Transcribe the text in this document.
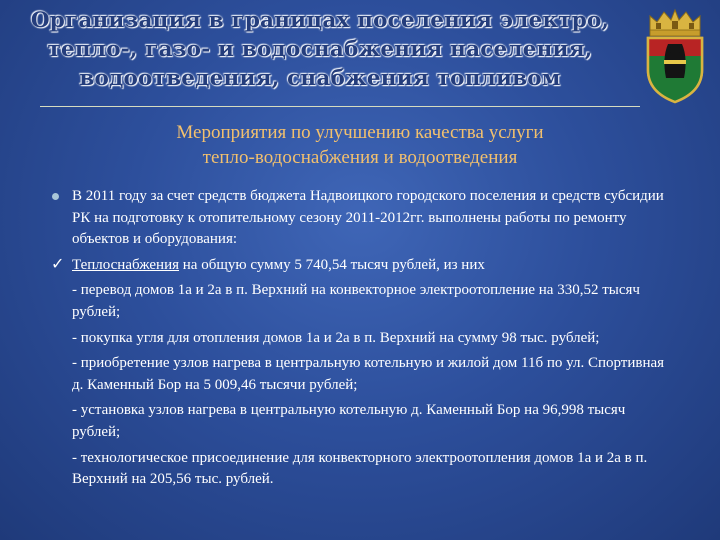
Организация в границах поселения электро,
тепло-, газо- и водоснабжения населения,
водоотведения, снабжения топливом
Мероприятия по улучшению качества услуги
тепло-водоснабжения и водоотведения
В 2011 году за счет средств бюджета Надвоицкого городского поселения и средств субсидии РК на подготовку к отопительному сезону 2011-2012гг. выполнены работы по ремонту объектов и оборудования:
✓ Теплоснабжения на общую сумму 5 740,54 тысяч рублей, из них
- перевод домов 1а и 2а в п. Верхний на конвекторное электроотопление на 330,52 тысяч рублей;
- покупка угля для отопления домов 1а и 2а в п. Верхний на сумму 98 тыс. рублей;
- приобретение узлов нагрева в центральную котельную и жилой дом 11б по ул. Спортивная д. Каменный Бор на 5 009,46 тысячи рублей;
- установка узлов нагрева в центральную котельную д. Каменный Бор на 96,998 тысяч рублей;
- технологическое присоединение для конвекторного электроотопления домов 1а и 2а в п. Верхний на 205,56 тыс. рублей.
